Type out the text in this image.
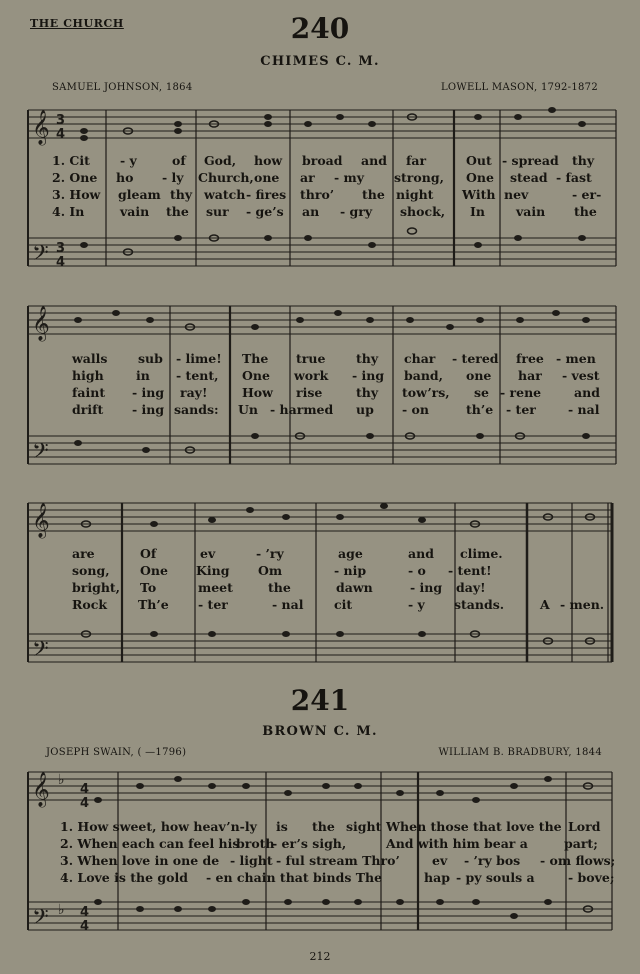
THE CHURCH	240
CHIMES C. M.
SAMUEL JOHNSON, 1864	LOWELL MASON, 1792-1872
𝄞
𝄢
𝄞
𝄢
𝄞
𝄢
𝄞
𝄢
3
4
3
4
4
4
4
4
♭
♭
1. Cit - y	of God, how broad and far	Out - spread thy
2. One ho - ly Church, one ar - my strong, One stead - fast
3. How gleam thy watch - fires thro’ the night With nev	- er-
4. In	vain the sur - ge’s an - gry shock, In vain the
walls sub - lime! The true thy char - tered free - men
high	in - tent, One work - ing band, one har - vest
faint - ing ray!	How rise	thy tow’rs, se - rene	and
drift - ing sands: Un - harmed up - on	th’e - ter	- nal
are	Of	ev	- ’ry	age	and clime.
song, One King Om	- nip	- o - tent!
bright, To	meet	the	dawn	- ing day!
Rock Th’e - ter	- nal cit	- y stands.	A - men.
241
BROWN C. M.
JOSEPH SWAIN, ( —1796)	WILLIAM B. BRADBURY, 1844
1. How sweet, how heav’n-ly is the sight When those that love the Lord
2. When each can feel his
broth
- er’s sigh,	And with him bear a	part;
3. When love in one de - light - ful stream Thro’	ev - ’ry bos - om flows;
4. Love is the gold - en chain that binds The	hap - py souls a	- bove;
212
